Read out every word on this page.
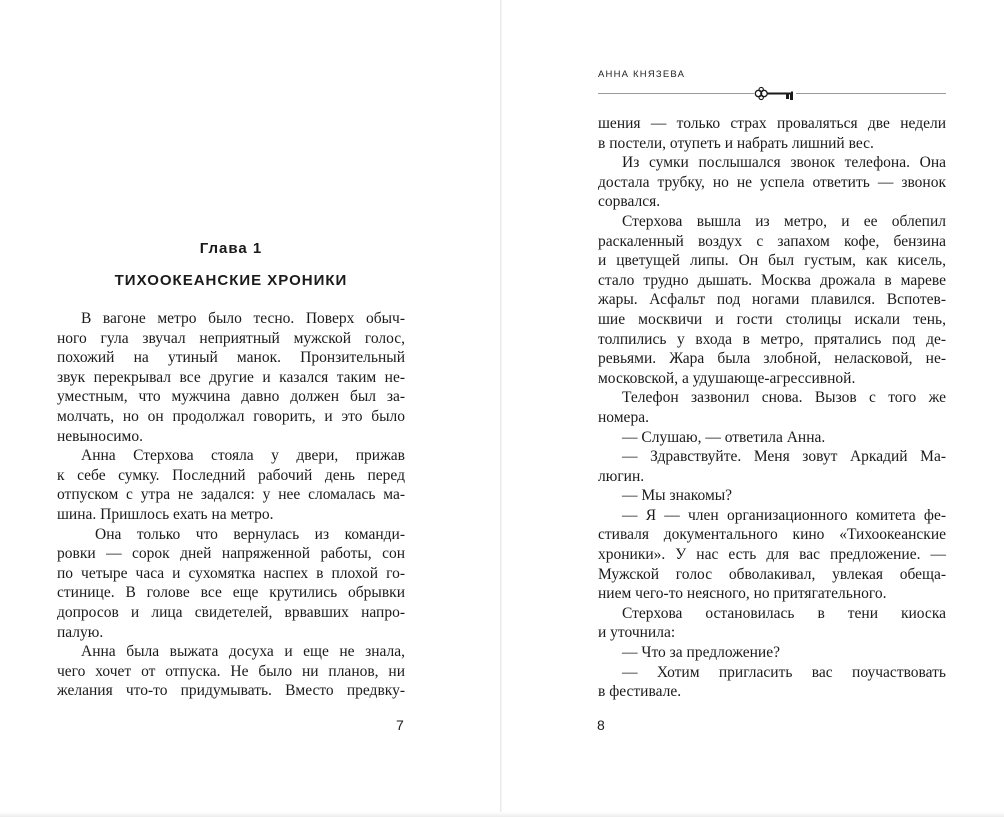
Глава 1
ТИХООКЕАНСКИЕ ХРОНИКИ
В вагоне метро было тесно. Поверх обыч-
ного гула звучал неприятный мужской голос,
похожий на утиный манок. Пронзительный
звук перекрывал все другие и казался таким не-
уместным, что мужчина давно должен был за-
молчать, но он продолжал говорить, и это было
невыносимо.
Анна Стерхова стояла у двери, прижав
к себе сумку. Последний рабочий день перед
отпуском с утра не задался: у нее сломалась ма-
шина. Пришлось ехать на метро.
Она только что вернулась из команди-
ровки — сорок дней напряженной работы, сон
по четыре часа и сухомятка наспех в плохой го-
стинице. В голове все еще крутились обрывки
допросов и лица свидетелей, врвавших напро-
палую.
Анна была выжата досуха и еще не знала,
чего хочет от отпуска. Не было ни планов, ни
желания что-то придумывать. Вместо предвку-
7
АННА КНЯЗЕВА
шения — только страх проваляться две недели
в постели, отупеть и набрать лишний вес.
Из сумки послышался звонок телефона. Она
достала трубку, но не успела ответить — звонок
сорвался.
Стерхова вышла из метро, и ее облепил
раскаленный воздух с запахом кофе, бензина
и цветущей липы. Он был густым, как кисель,
стало трудно дышать. Москва дрожала в мареве
жары. Асфальт под ногами плавился. Вспотев-
шие москвичи и гости столицы искали тень,
толпились у входа в метро, прятались под де-
ревьями. Жара была злобной, неласковой, не-
московской, а удушающе-агрессивной.
Телефон зазвонил снова. Вызов с того же
номера.
— Слушаю, — ответила Анна.
— Здравствуйте. Меня зовут Аркадий Ма-
люгин.
— Мы знакомы?
— Я — член организационного комитета фе-
стиваля документального кино «Тихоокеанские
хроники». У нас есть для вас предложение. —
Мужской голос обволакивал, увлекая обеща-
нием чего-то неясного, но притягательного.
Стерхова остановилась в тени киоска
и уточнила:
— Что за предложение?
— Хотим пригласить вас поучаствовать
в фестивале.
8
